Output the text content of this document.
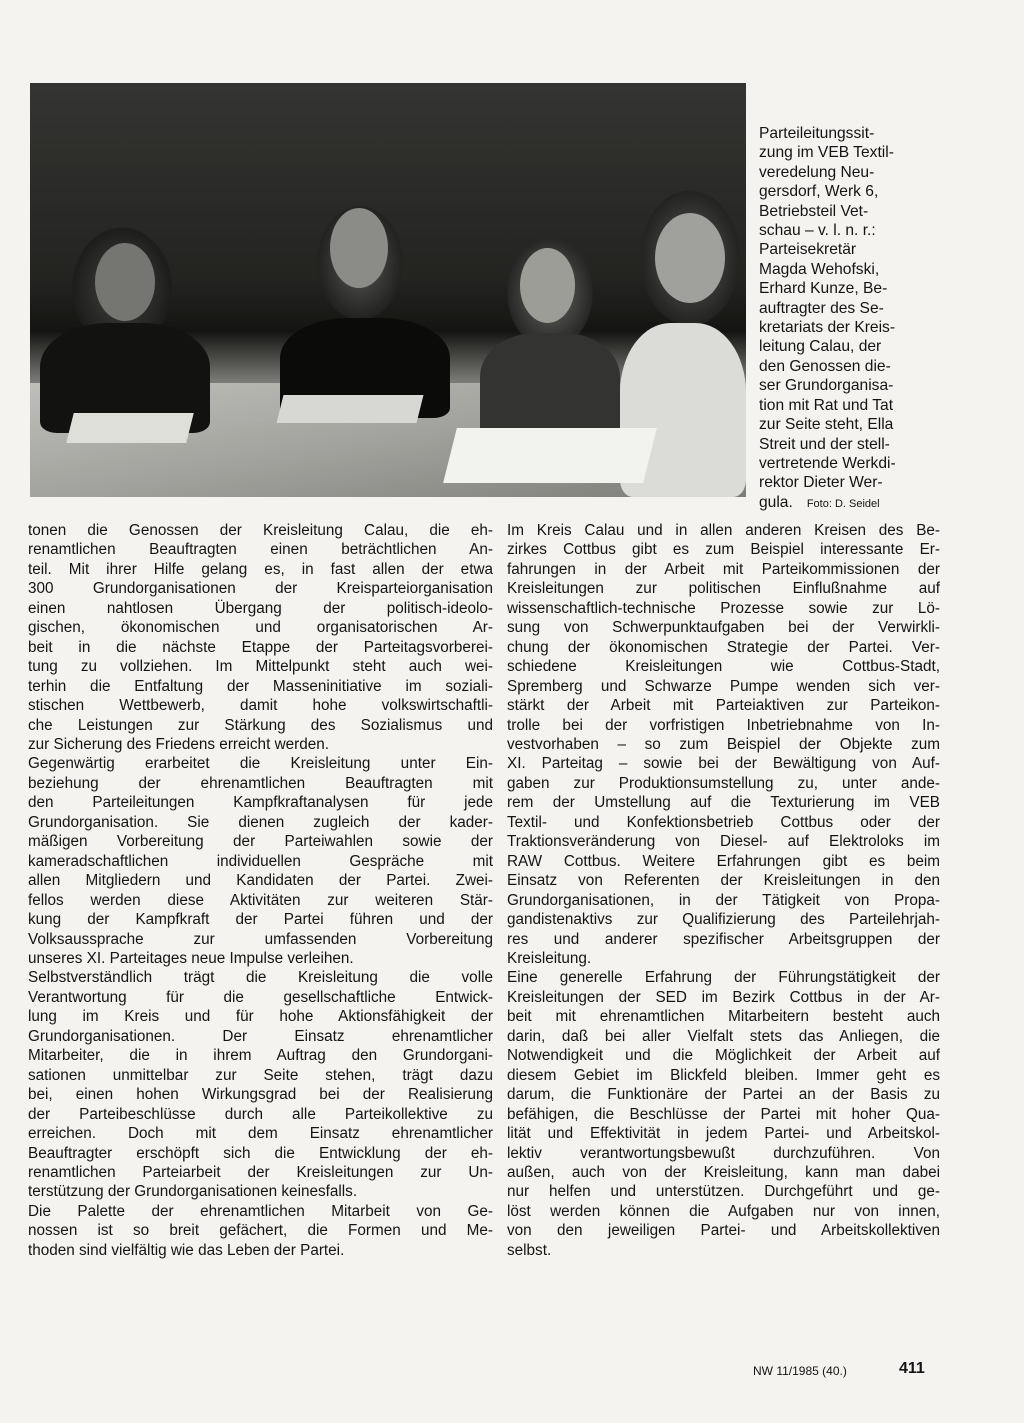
Parteileitungssit-
zung im VEB Textil-
veredelung Neu-
gersdorf, Werk 6,
Betriebsteil Vet-
schau – v. l. n. r.:
Parteisekretär
Magda Wehofski,
Erhard Kunze, Be-
auftragter des Se-
kretariats der Kreis-
leitung Calau, der
den Genossen die-
ser Grundorganisa-
tion mit Rat und Tat
zur Seite steht, Ella
Streit und der stell-
vertretende Werkdi-
rektor Dieter Wer-
gula. Foto: D. Seidel
tonen die Genossen der Kreisleitung Calau, die eh-
renamtlichen Beauftragten einen beträchtlichen An-
teil. Mit ihrer Hilfe gelang es, in fast allen der etwa
300 Grundorganisationen der Kreisparteiorganisation
einen nahtlosen Übergang der politisch-ideolo-
gischen, ökonomischen und organisatorischen Ar-
beit in die nächste Etappe der Parteitagsvorberei-
tung zu vollziehen. Im Mittelpunkt steht auch wei-
terhin die Entfaltung der Masseninitiative im soziali-
stischen Wettbewerb, damit hohe volkswirtschaftli-
che Leistungen zur Stärkung des Sozialismus und
zur Sicherung des Friedens erreicht werden.
Gegenwärtig erarbeitet die Kreisleitung unter Ein-
beziehung der ehrenamtlichen Beauftragten mit
den Parteileitungen Kampfkraftanalysen für jede
Grundorganisation. Sie dienen zugleich der kader-
mäßigen Vorbereitung der Parteiwahlen sowie der
kameradschaftlichen individuellen Gespräche mit
allen Mitgliedern und Kandidaten der Partei. Zwei-
fellos werden diese Aktivitäten zur weiteren Stär-
kung der Kampfkraft der Partei führen und der
Volksaussprache zur umfassenden Vorbereitung
unseres XI. Parteitages neue Impulse verleihen.
Selbstverständlich trägt die Kreisleitung die volle
Verantwortung für die gesellschaftliche Entwick-
lung im Kreis und für hohe Aktionsfähigkeit der
Grundorganisationen. Der Einsatz ehrenamtlicher
Mitarbeiter, die in ihrem Auftrag den Grundorgani-
sationen unmittelbar zur Seite stehen, trägt dazu
bei, einen hohen Wirkungsgrad bei der Realisierung
der Parteibeschlüsse durch alle Parteikollektive zu
erreichen. Doch mit dem Einsatz ehrenamtlicher
Beauftragter erschöpft sich die Entwicklung der eh-
renamtlichen Parteiarbeit der Kreisleitungen zur Un-
terstützung der Grundorganisationen keinesfalls.
Die Palette der ehrenamtlichen Mitarbeit von Ge-
nossen ist so breit gefächert, die Formen und Me-
thoden sind vielfältig wie das Leben der Partei.
Im Kreis Calau und in allen anderen Kreisen des Be-
zirkes Cottbus gibt es zum Beispiel interessante Er-
fahrungen in der Arbeit mit Parteikommissionen der
Kreisleitungen zur politischen Einflußnahme auf
wissenschaftlich-technische Prozesse sowie zur Lö-
sung von Schwerpunktaufgaben bei der Verwirkli-
chung der ökonomischen Strategie der Partei. Ver-
schiedene Kreisleitungen wie Cottbus-Stadt,
Spremberg und Schwarze Pumpe wenden sich ver-
stärkt der Arbeit mit Parteiaktiven zur Parteikon-
trolle bei der vorfristigen Inbetriebnahme von In-
vestvorhaben – so zum Beispiel der Objekte zum
XI. Parteitag – sowie bei der Bewältigung von Auf-
gaben zur Produktionsumstellung zu, unter ande-
rem der Umstellung auf die Texturierung im VEB
Textil- und Konfektionsbetrieb Cottbus oder der
Traktionsveränderung von Diesel- auf Elektroloks im
RAW Cottbus. Weitere Erfahrungen gibt es beim
Einsatz von Referenten der Kreisleitungen in den
Grundorganisationen, in der Tätigkeit von Propa-
gandistenaktivs zur Qualifizierung des Parteilehrjah-
res und anderer spezifischer Arbeitsgruppen der
Kreisleitung.
Eine generelle Erfahrung der Führungstätigkeit der
Kreisleitungen der SED im Bezirk Cottbus in der Ar-
beit mit ehrenamtlichen Mitarbeitern besteht auch
darin, daß bei aller Vielfalt stets das Anliegen, die
Notwendigkeit und die Möglichkeit der Arbeit auf
diesem Gebiet im Blickfeld bleiben. Immer geht es
darum, die Funktionäre der Partei an der Basis zu
befähigen, die Beschlüsse der Partei mit hoher Qua-
lität und Effektivität in jedem Partei- und Arbeitskol-
lektiv verantwortungsbewußt durchzuführen. Von
außen, auch von der Kreisleitung, kann man dabei
nur helfen und unterstützen. Durchgeführt und ge-
löst werden können die Aufgaben nur von innen,
von den jeweiligen Partei- und Arbeitskollektiven
selbst.
NW 11/1985 (40.)	411
